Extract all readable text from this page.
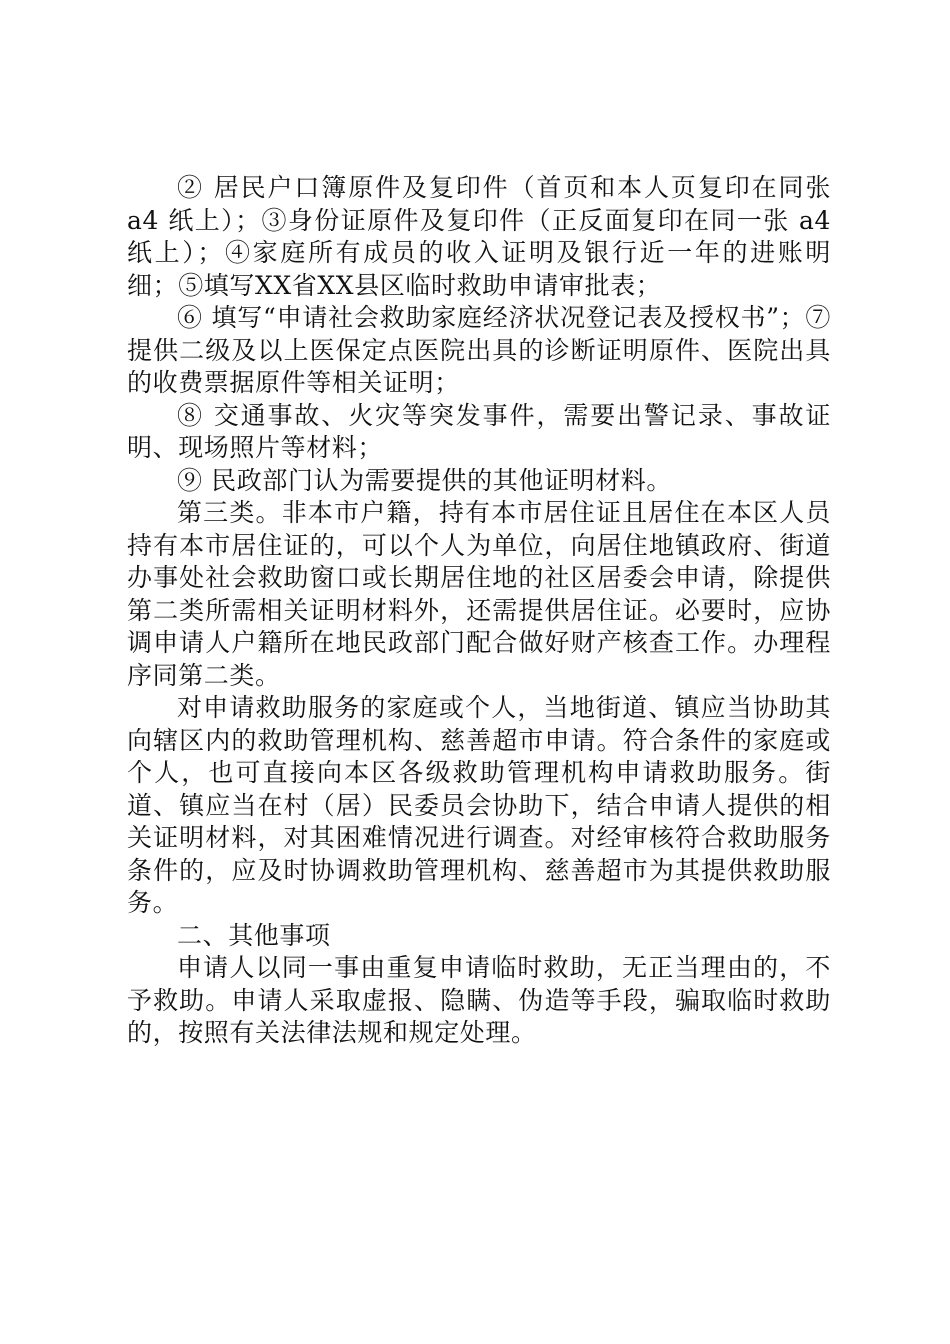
② 居民户口簿原件及复印件（首页和本人页复印在同张 a4 纸上）；③身份证原件及复印件（正反面复印在同一张 a4 纸上）；④家庭所有成员的收入证明及银行近一年的进账明细；⑤填写XX省XX县区临时救助申请审批表；

⑥ 填写“申请社会救助家庭经济状况登记表及授权书”；⑦提供二级及以上医保定点医院出具的诊断证明原件、医院出具的收费票据原件等相关证明；

⑧ 交通事故、火灾等突发事件，需要出警记录、事故证明、现场照片等材料；

⑨ 民政部门认为需要提供的其他证明材料。

第三类。非本市户籍，持有本市居住证且居住在本区人员持有本市居住证的，可以个人为单位，向居住地镇政府、街道办事处社会救助窗口或长期居住地的社区居委会申请，除提供第二类所需相关证明材料外，还需提供居住证。必要时，应协调申请人户籍所在地民政部门配合做好财产核查工作。办理程序同第二类。

对申请救助服务的家庭或个人，当地街道、镇应当协助其向辖区内的救助管理机构、慈善超市申请。符合条件的家庭或个人，也可直接向本区各级救助管理机构申请救助服务。街道、镇应当在村（居）民委员会协助下，结合申请人提供的相关证明材料，对其困难情况进行调查。对经审核符合救助服务条件的，应及时协调救助管理机构、慈善超市为其提供救助服务。

二、其他事项

申请人以同一事由重复申请临时救助，无正当理由的，不予救助。申请人采取虚报、隐瞒、伪造等手段，骗取临时救助的，按照有关法律法规和规定处理。
